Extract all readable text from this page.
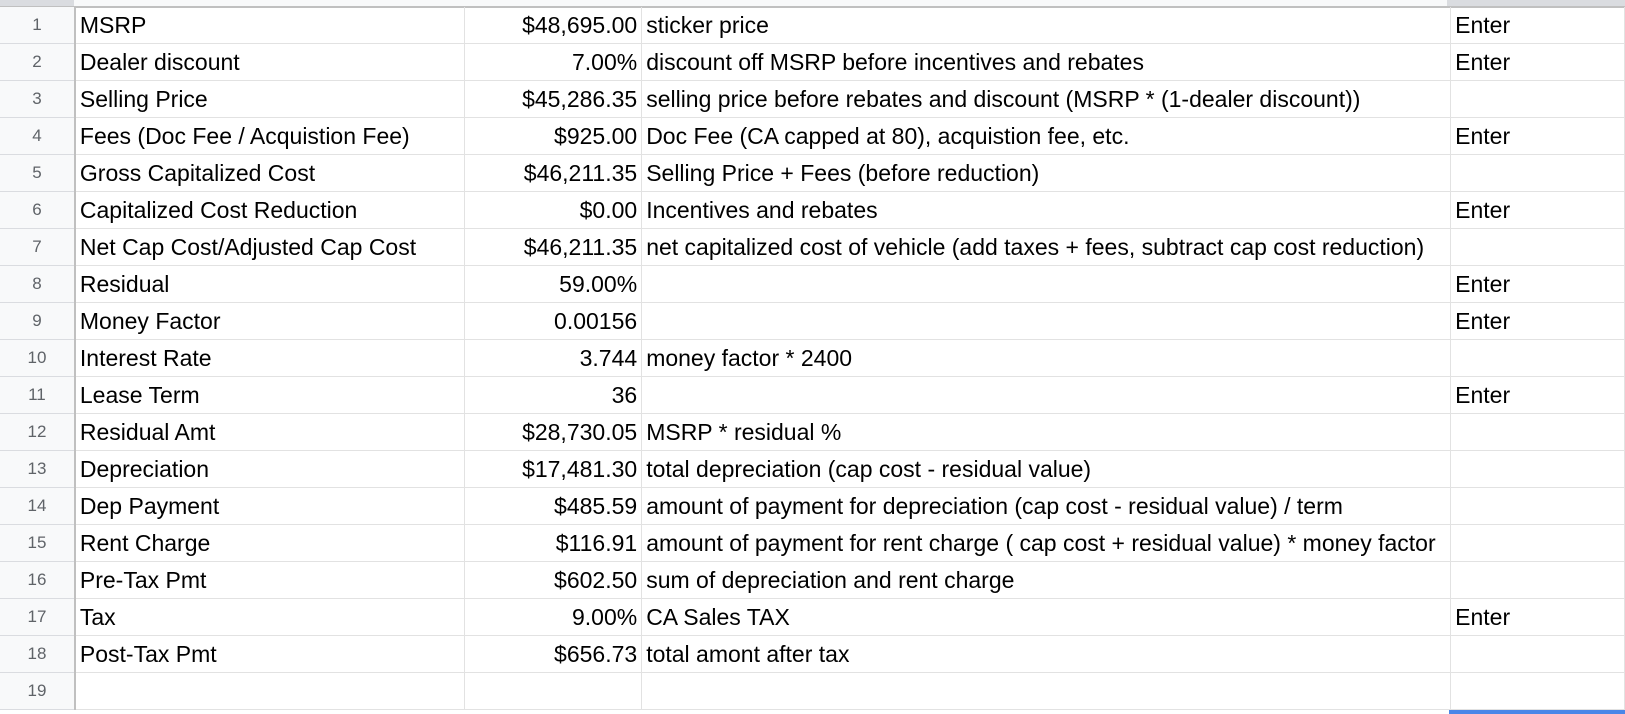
1	MSRP	$48,695.00	sticker price	Enter
2	Dealer discount	7.00%	discount off MSRP before incentives and rebates	Enter
3	Selling Price	$45,286.35	selling price before rebates and discount (MSRP * (1-dealer discount))	
4	Fees (Doc Fee / Acquistion Fee)	$925.00	Doc Fee (CA capped at 80), acquistion fee, etc.	Enter
5	Gross Capitalized Cost	$46,211.35	Selling Price + Fees (before reduction)	
6	Capitalized Cost Reduction	$0.00	Incentives and rebates	Enter
7	Net Cap Cost/Adjusted Cap Cost	$46,211.35	net capitalized cost of vehicle (add taxes + fees, subtract cap cost reduction)	
8	Residual	59.00%		Enter
9	Money Factor	0.00156		Enter
10	Interest Rate	3.744	money factor * 2400	
11	Lease Term	36		Enter
12	Residual Amt	$28,730.05	MSRP * residual %	
13	Depreciation	$17,481.30	total depreciation (cap cost - residual value)	
14	Dep Payment	$485.59	amount of payment for depreciation (cap cost - residual value) / term	
15	Rent Charge	$116.91	amount of payment for rent charge ( cap cost + residual value) * money factor	
16	Pre-Tax Pmt	$602.50	sum of depreciation and rent charge	
17	Tax	9.00%	CA Sales TAX	Enter
18	Post-Tax Pmt	$656.73	total amont after tax	
19				
